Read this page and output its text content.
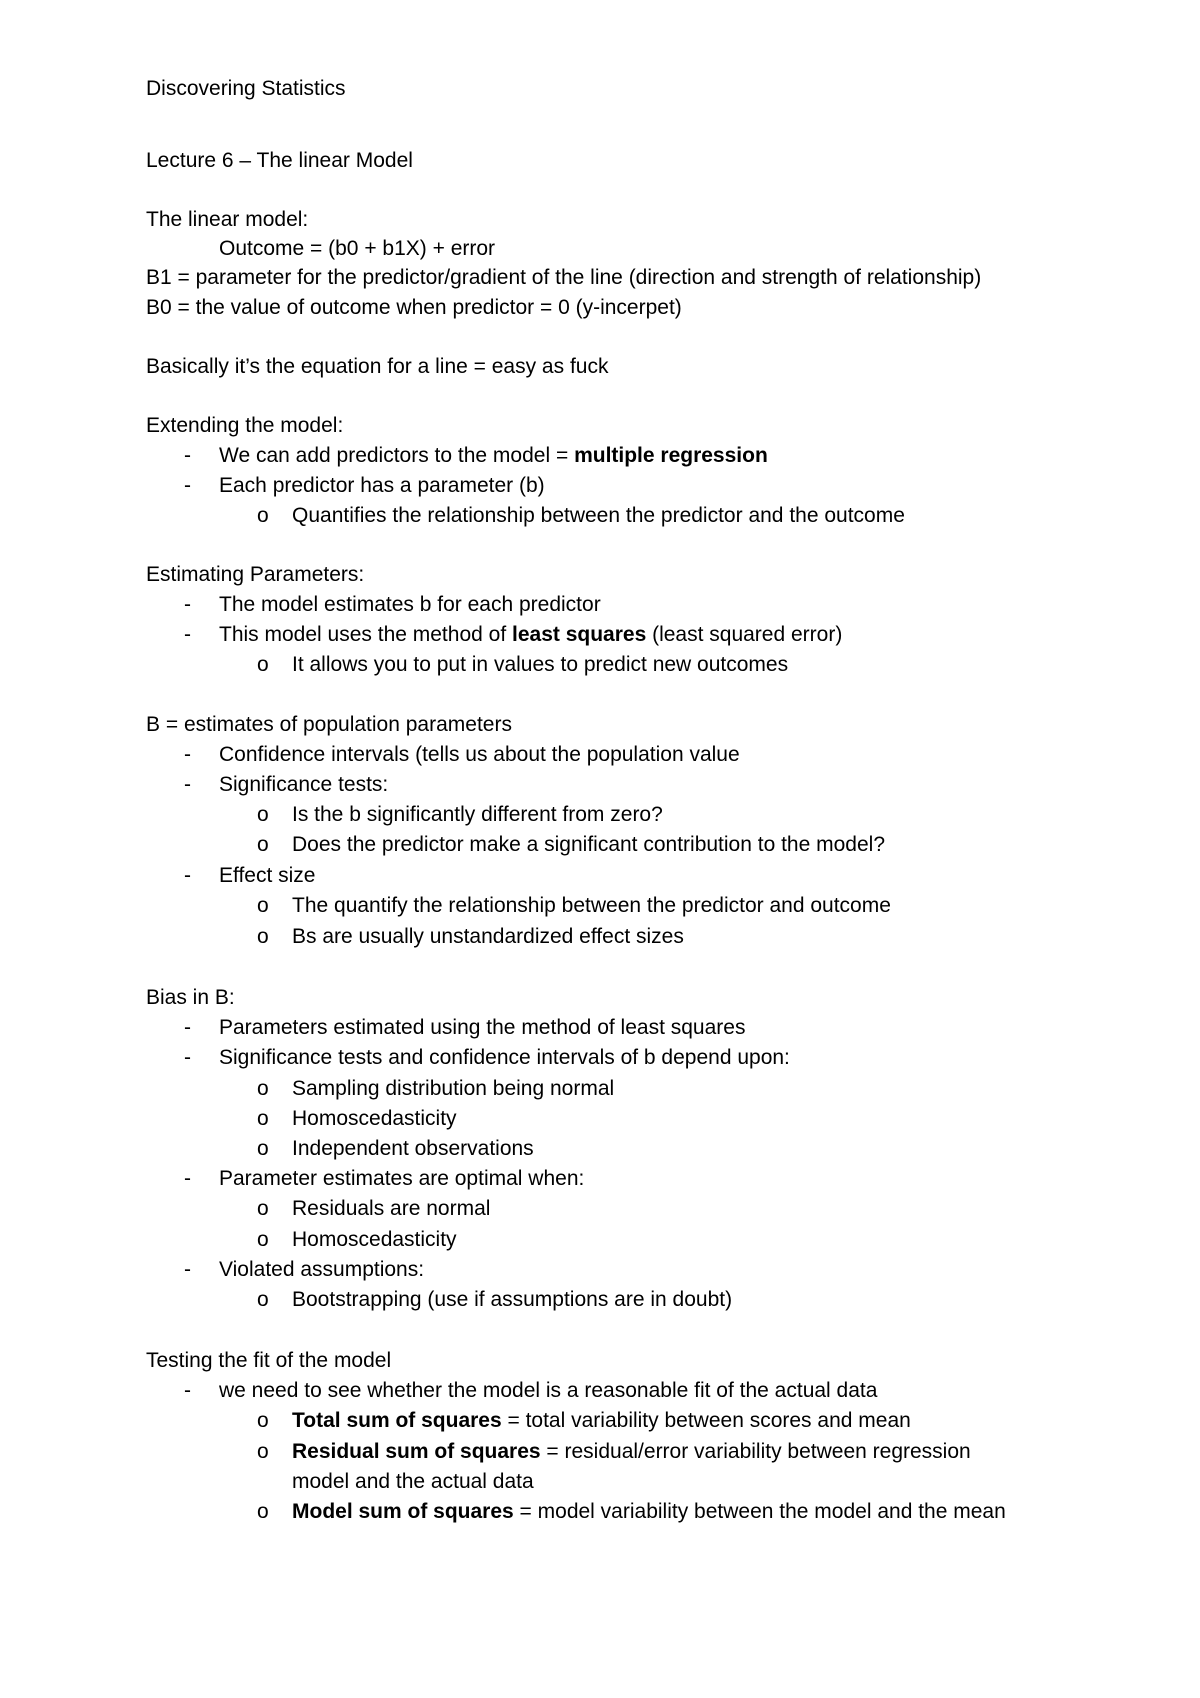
Discovering Statistics
Lecture 6 – The linear Model
The linear model:
Outcome = (b0 + b1X) + error
B1 = parameter for the predictor/gradient of the line (direction and strength of relationship)
B0 = the value of outcome when predictor = 0 (y-incerpet)
Basically it’s the equation for a line = easy as fuck
Extending the model:
- We can add predictors to the model = multiple regression
- Each predictor has a parameter (b)
o Quantifies the relationship between the predictor and the outcome
Estimating Parameters:
- The model estimates b for each predictor
- This model uses the method of least squares (least squared error)
o It allows you to put in values to predict new outcomes
B = estimates of population parameters
- Confidence intervals (tells us about the population value
- Significance tests:
o Is the b significantly different from zero?
o Does the predictor make a significant contribution to the model?
- Effect size
o The quantify the relationship between the predictor and outcome
o Bs are usually unstandardized effect sizes
Bias in B:
- Parameters estimated using the method of least squares
- Significance tests and confidence intervals of b depend upon:
o Sampling distribution being normal
o Homoscedasticity
o Independent observations
- Parameter estimates are optimal when:
o Residuals are normal
o Homoscedasticity
- Violated assumptions:
o Bootstrapping (use if assumptions are in doubt)
Testing the fit of the model
- we need to see whether the model is a reasonable fit of the actual data
o Total sum of squares = total variability between scores and mean
o Residual sum of squares = residual/error variability between regression
model and the actual data
o Model sum of squares = model variability between the model and the mean
